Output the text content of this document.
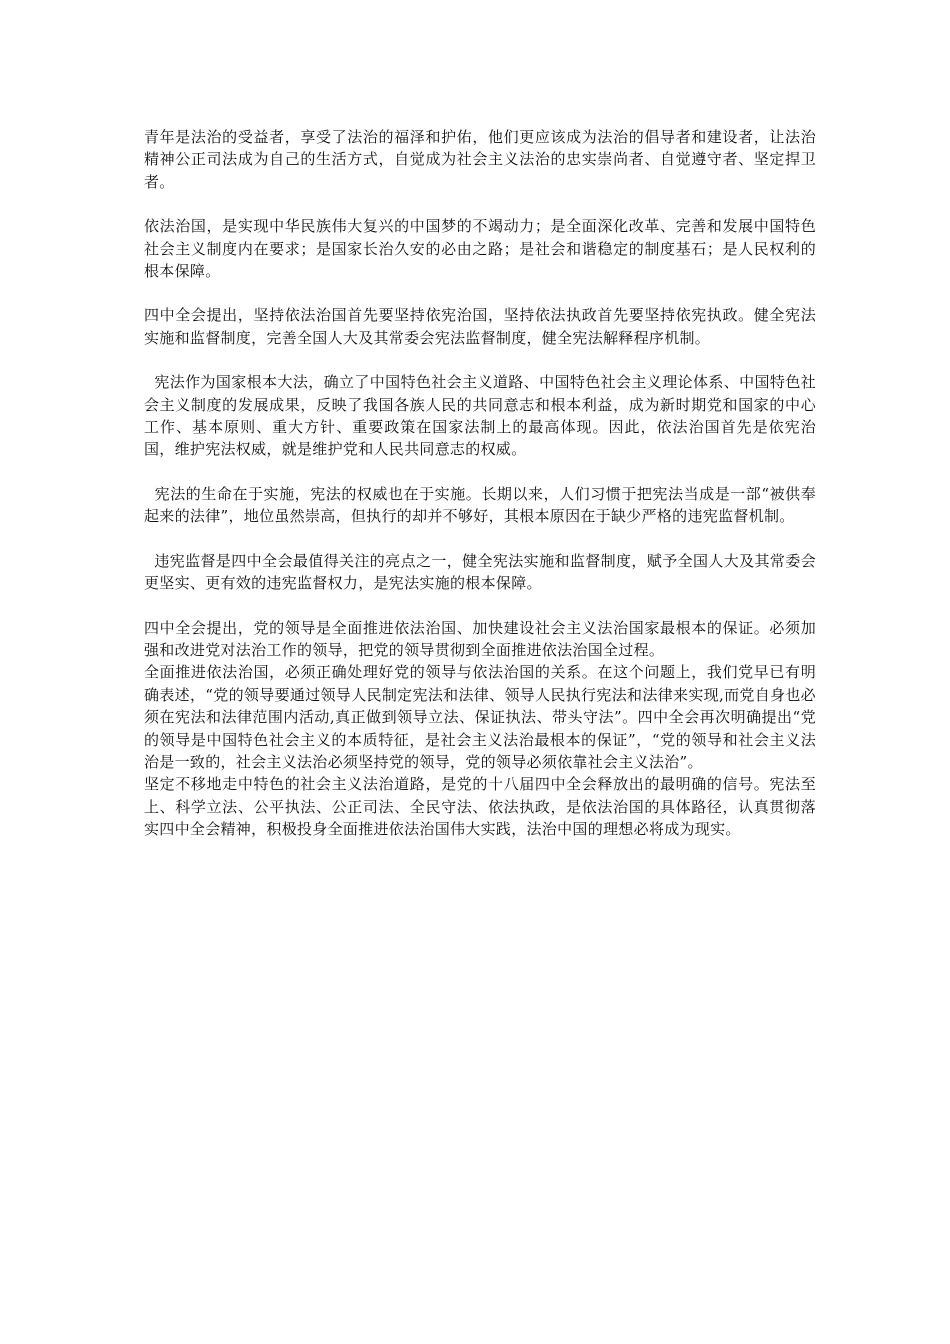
青年是法治的受益者，享受了法治的福泽和护佑，他们更应该成为法治的倡导者和建设者，让法治精神公正司法成为自己的生活方式，自觉成为社会主义法治的忠实崇尚者、自觉遵守者、坚定捍卫者。

依法治国，是实现中华民族伟大复兴的中国梦的不竭动力；是全面深化改革、完善和发展中国特色社会主义制度内在要求；是国家长治久安的必由之路；是社会和谐稳定的制度基石；是人民权利的根本保障。

四中全会提出，坚持依法治国首先要坚持依宪治国，坚持依法执政首先要坚持依宪执政。健全宪法实施和监督制度，完善全国人大及其常委会宪法监督制度，健全宪法解释程序机制。

宪法作为国家根本大法，确立了中国特色社会主义道路、中国特色社会主义理论体系、中国特色社会主义制度的发展成果，反映了我国各族人民的共同意志和根本利益，成为新时期党和国家的中心工作、基本原则、重大方针、重要政策在国家法制上的最高体现。因此，依法治国首先是依宪治国，维护宪法权威，就是维护党和人民共同意志的权威。

宪法的生命在于实施，宪法的权威也在于实施。长期以来，人们习惯于把宪法当成是一部“被供奉起来的法律”，地位虽然崇高，但执行的却并不够好，其根本原因在于缺少严格的违宪监督机制。

违宪监督是四中全会最值得关注的亮点之一，健全宪法实施和监督制度，赋予全国人大及其常委会更坚实、更有效的违宪监督权力，是宪法实施的根本保障。

四中全会提出，党的领导是全面推进依法治国、加快建设社会主义法治国家最根本的保证。必须加强和改进党对法治工作的领导，把党的领导贯彻到全面推进依法治国全过程。

全面推进依法治国，必须正确处理好党的领导与依法治国的关系。在这个问题上，我们党早已有明确表述，“党的领导要通过领导人民制定宪法和法律、领导人民执行宪法和法律来实现,而党自身也必须在宪法和法律范围内活动,真正做到领导立法、保证执法、带头守法”。四中全会再次明确提出“党的领导是中国特色社会主义的本质特征，是社会主义法治最根本的保证”，“党的领导和社会主义法治是一致的，社会主义法治必须坚持党的领导，党的领导必须依靠社会主义法治”。

坚定不移地走中特色的社会主义法治道路，是党的十八届四中全会释放出的最明确的信号。宪法至上、科学立法、公平执法、公正司法、全民守法、依法执政，是依法治国的具体路径，认真贯彻落实四中全会精神，积极投身全面推进依法治国伟大实践，法治中国的理想必将成为现实。
